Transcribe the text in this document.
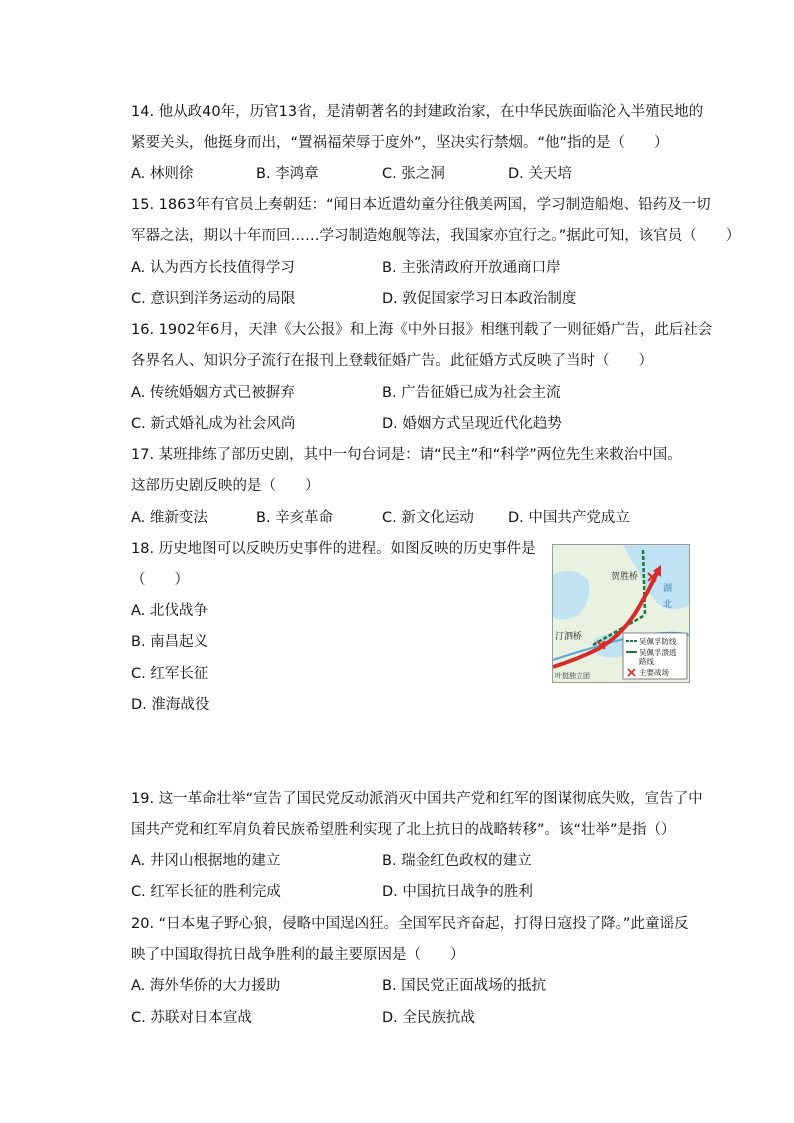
14. 他从政40年，历官13省，是清朝著名的封建政治家，在中华民族面临沦入半殖民地的
紧要关头，他挺身而出，“置祸福荣辱于度外”，坚决实行禁烟。“他”指的是（　　）
A. 林则徐	B. 李鸿章	C. 张之洞	D. 关天培
15. 1863年有官员上奏朝廷：“闻日本近遣幼童分往俄美两国，学习制造船炮、铅药及一切
军器之法，期以十年而回……学习制造炮舰等法，我国家亦宜行之。”据此可知，该官员（　　）
A. 认为西方长技值得学习	B. 主张清政府开放通商口岸
C. 意识到洋务运动的局限	D. 敦促国家学习日本政治制度
16. 1902年6月，天津《大公报》和上海《中外日报》相继刊载了一则征婚广告，此后社会
各界名人、知识分子流行在报刊上登载征婚广告。此征婚方式反映了当时（　　）
A. 传统婚姻方式已被摒弃	B. 广告征婚已成为社会主流
C. 新式婚礼成为社会风尚	D. 婚姻方式呈现近代化趋势
17. 某班排练了部历史剧，其中一句台词是：请“民主”和“科学”两位先生来救治中国。
这部历史剧反映的是（　　）
A. 维新变法	B. 辛亥革命	C. 新文化运动 D. 中国共产党成立
18. 历史地图可以反映历史事件的进程。如图反映的历史事件是
（　　）
A. 北伐战争
B. 南昌起义
C. 红军长征
D. 淮海战役
贺胜桥
汀泗桥
湖
北
叶挺独立团
吴佩孚防线
吴佩孚溃逃
路线
主要战场
19. 这一革命壮举“宣告了国民党反动派消灭中国共产党和红军的图谋彻底失败，宣告了中
国共产党和红军肩负着民族希望胜利实现了北上抗日的战略转移”。该“壮举”是指（）
A. 井冈山根据地的建立	B. 瑞金红色政权的建立
C. 红军长征的胜利完成	D. 中国抗日战争的胜利
20. “日本鬼子野心狼，侵略中国逞凶狂。全国军民齐奋起，打得日寇投了降。”此童谣反
映了中国取得抗日战争胜利的最主要原因是（　　）
A. 海外华侨的大力援助	B. 国民党正面战场的抵抗
C. 苏联对日本宣战	D. 全民族抗战
